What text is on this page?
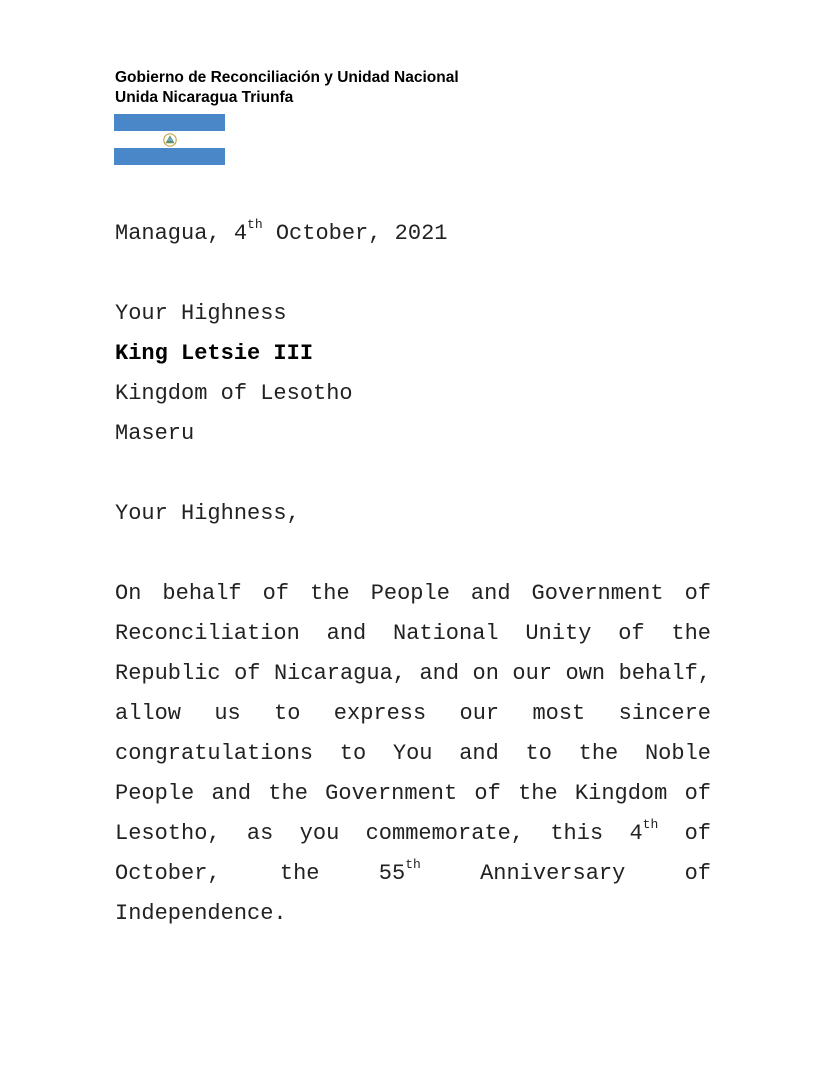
Gobierno de Reconciliación y Unidad Nacional
Unida Nicaragua Triunfa

Managua, 4th October, 2021

Your Highness

King Letsie III

Kingdom of Lesotho

Maseru

Your Highness,

On behalf of the People and Government of Reconciliation and National Unity of the Republic of Nicaragua, and on our own behalf, allow us to express our most sincere congratulations to You and to the Noble People and the Government of the Kingdom of Lesotho, as you commemorate, this 4th of October, the 55th Anniversary of Independence.
